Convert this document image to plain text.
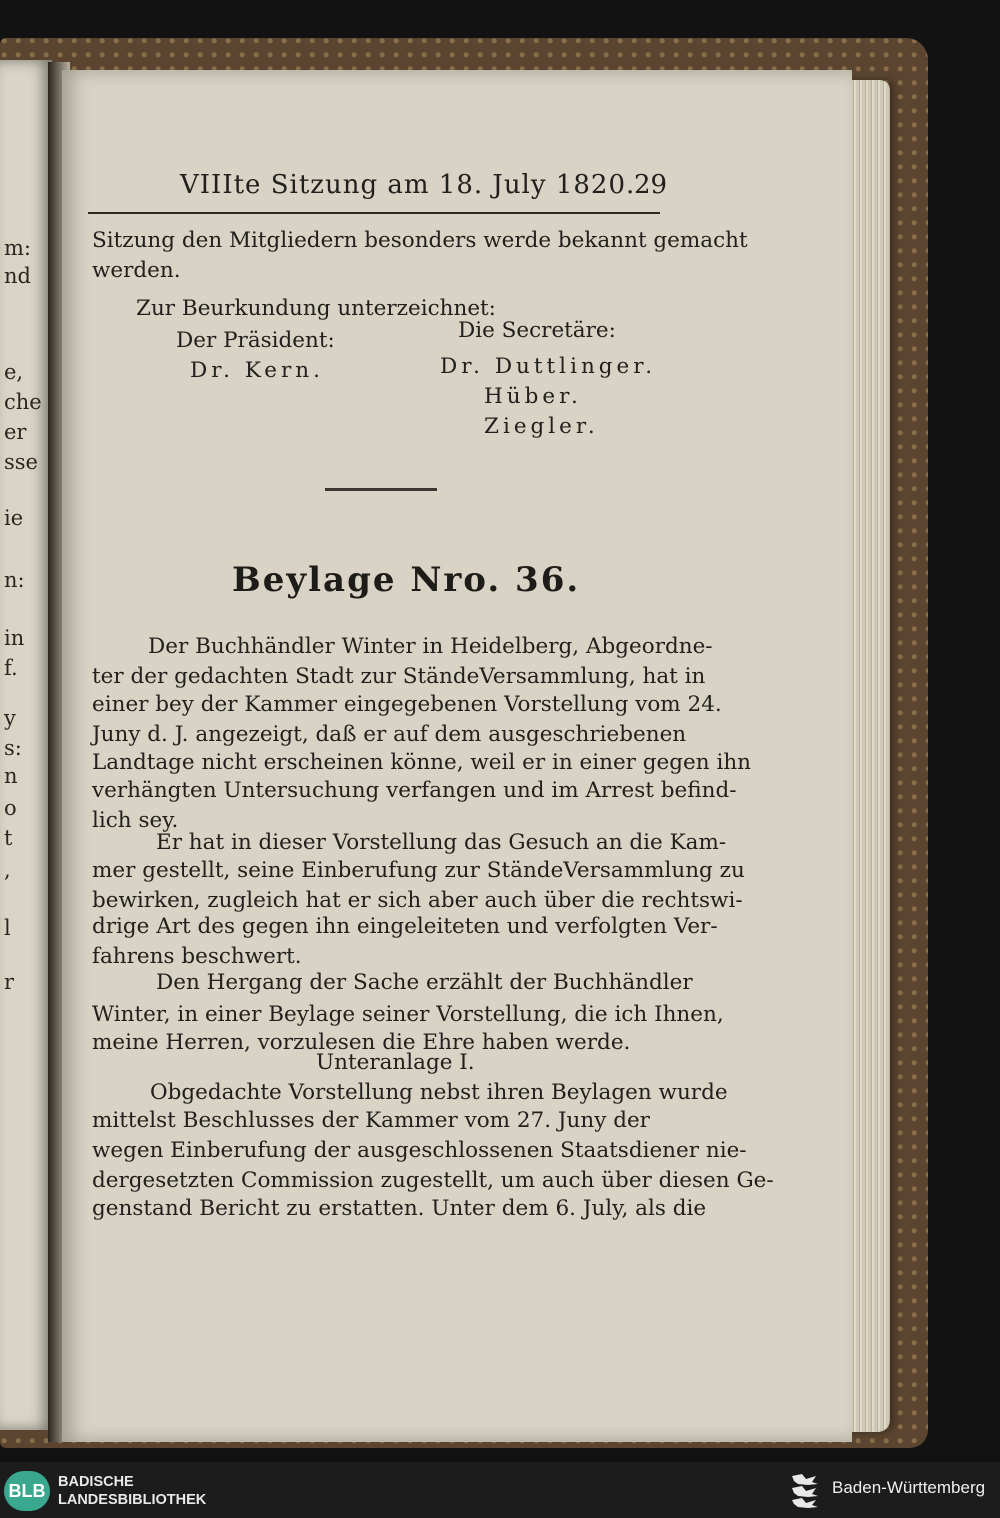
m:
nd
e,
che
er
sse
ie
n:
in
f.
y
s:
n
o
t
,
l
r
VIIIte Sitzung am 18. July 1820.
29
Sitzung den Mitgliedern besonders werde bekannt gemacht
werden.
Zur Beurkundung unterzeichnet:
Der Präsident:
Dr. Kern.
Die Secretäre:
Dr. Duttlinger.
Hüber.
Ziegler.
Beylage Nro. 36.
Unteranlage I.
Der Buchhändler Winter in Heidelberg, Abgeordne-
ter der gedachten Stadt zur StändeVersammlung, hat in
einer bey der Kammer eingegebenen Vorstellung vom 24.
Juny d. J. angezeigt, daß er auf dem ausgeschriebenen
Landtage nicht erscheinen könne, weil er in einer gegen ihn
verhängten Untersuchung verfangen und im Arrest befind-
lich sey.
Er hat in dieser Vorstellung das Gesuch an die Kam-
mer gestellt, seine Einberufung zur StändeVersammlung zu
bewirken, zugleich hat er sich aber auch über die rechtswi-
drige Art des gegen ihn eingeleiteten und verfolgten Ver-
fahrens beschwert.
Den Hergang der Sache erzählt der Buchhändler
Winter, in einer Beylage seiner Vorstellung, die ich Ihnen,
meine Herren, vorzulesen die Ehre haben werde.
Obgedachte Vorstellung nebst ihren Beylagen wurde
mittelst Beschlusses der Kammer vom 27. Juny der
wegen Einberufung der ausgeschlossenen Staatsdiener nie-
dergesetzten Commission zugestellt, um auch über diesen Ge-
genstand Bericht zu erstatten. Unter dem 6. July, als die
BLB BADISCHE
LANDESBIBLIOTHEK
Baden-Württemberg
